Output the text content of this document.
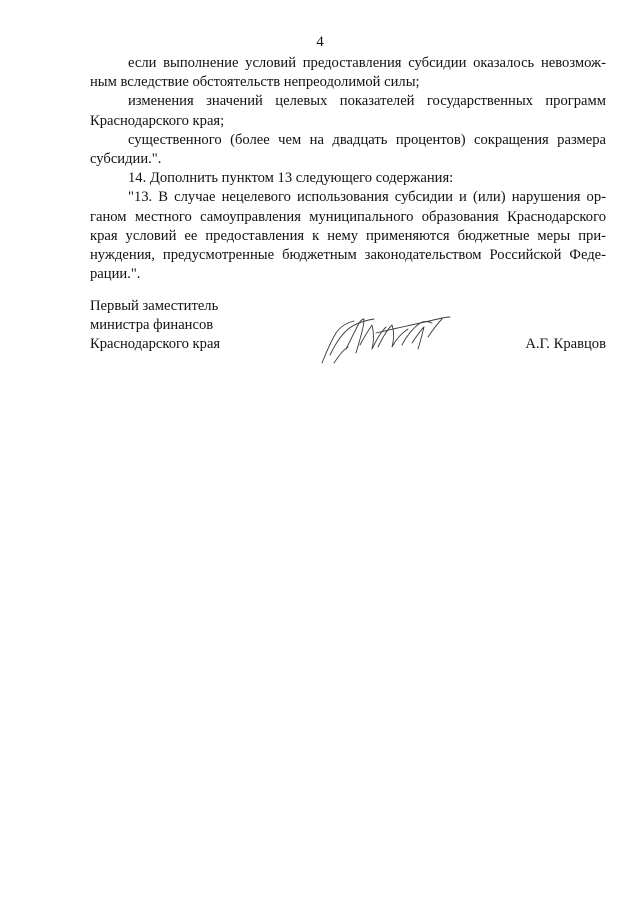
4
если выполнение условий предоставления субсидии оказалось невозмож-
ным вследствие обстоятельств непреодолимой силы;
изменения значений целевых показателей государственных программ
Краснодарского края;
существенного (более чем на двадцать процентов) сокращения размера
субсидии.".
14. Дополнить пунктом 13 следующего содержания:
"13. В случае нецелевого использования субсидии и (или) нарушения ор-
ганом местного самоуправления муниципального образования Краснодарского
края условий ее предоставления к нему применяются бюджетные меры при-
нуждения, предусмотренные бюджетным законодательством Российской Феде-
рации.".
Первый заместитель
министра финансов
Краснодарского края	А.Г. Кравцов
